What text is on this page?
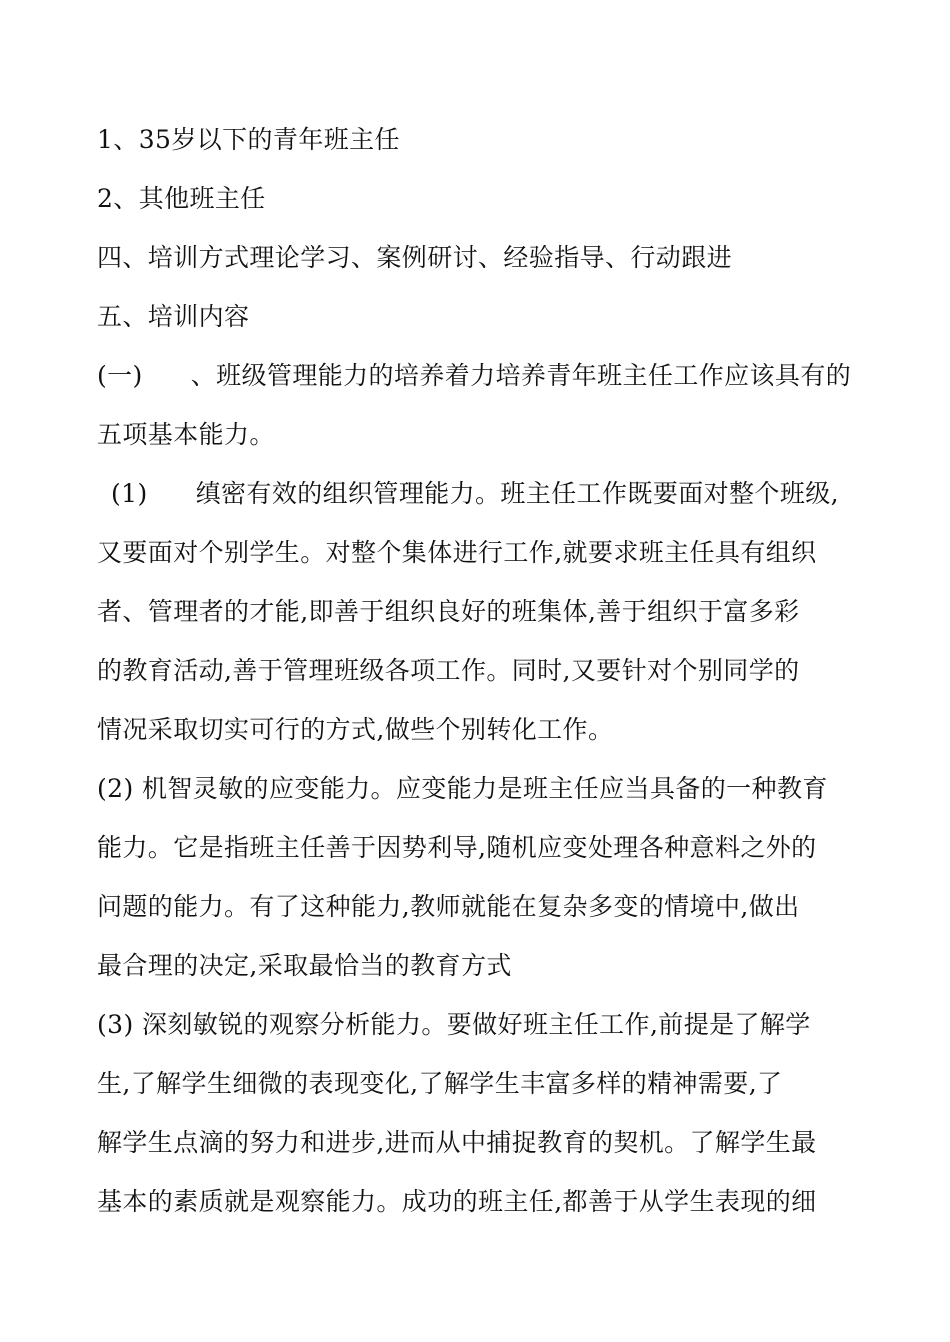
1、35岁以下的青年班主任
2、其他班主任
四、培训方式理论学习、案例研讨、经验指导、行动跟进
五、培训内容
(一) 、班级管理能力的培养着力培养青年班主任工作应该具有的
五项基本能力。
(1) 缜密有效的组织管理能力。班主任工作既要面对整个班级,
又要面对个别学生。对整个集体进行工作,就要求班主任具有组织
者、管理者的才能,即善于组织良好的班集体,善于组织于富多彩
的教育活动,善于管理班级各项工作。同时,又要针对个别同学的
情况采取切实可行的方式,做些个别转化工作。
(2) 机智灵敏的应变能力。应变能力是班主任应当具备的一种教育
能力。它是指班主任善于因势利导,随机应变处理各种意料之外的
问题的能力。有了这种能力,教师就能在复杂多变的情境中,做出
最合理的决定,采取最恰当的教育方式
(3) 深刻敏锐的观察分析能力。要做好班主任工作,前提是了解学
生,了解学生细微的表现变化,了解学生丰富多样的精神需要,了
解学生点滴的努力和进步,进而从中捕捉教育的契机。了解学生最
基本的素质就是观察能力。成功的班主任,都善于从学生表现的细
